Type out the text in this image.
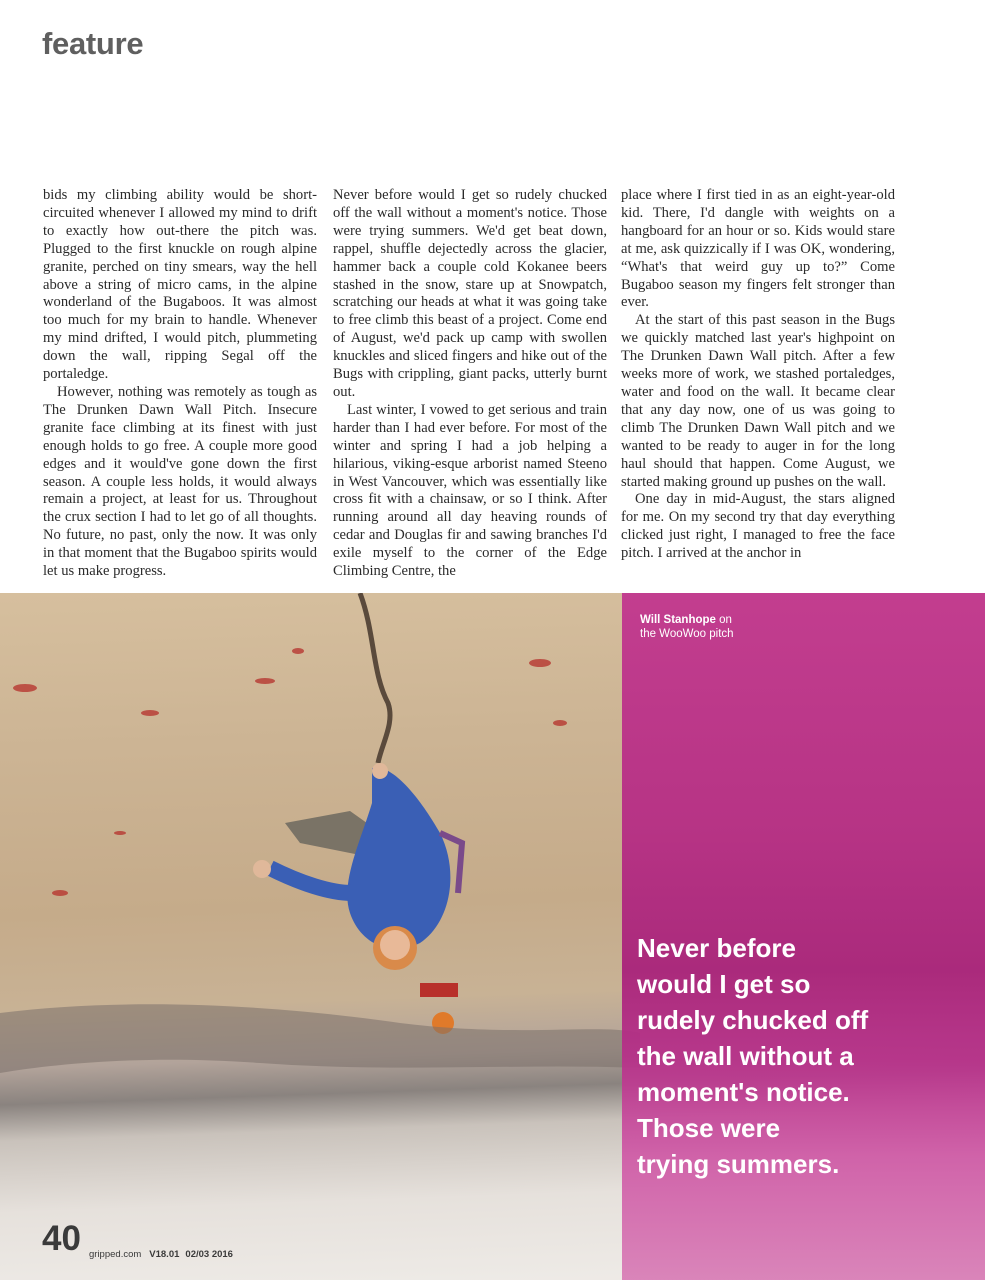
feature

bids my climbing ability would be short-circuited whenever I allowed my mind to drift to exactly how out-there the pitch was. Plugged to the first knuckle on rough alpine granite, perched on tiny smears, way the hell above a string of micro cams, in the alpine wonderland of the Bugaboos. It was almost too much for my brain to handle. Whenever my mind drifted, I would pitch, plummeting down the wall, ripping Segal off the portaledge.

However, nothing was remotely as tough as The Drunken Dawn Wall Pitch. Insecure granite face climbing at its finest with just enough holds to go free. A couple more good edges and it would've gone down the first season. A couple less holds, it would always remain a project, at least for us. Throughout the crux section I had to let go of all thoughts. No future, no past, only the now. It was only in that moment that the Bugaboo spirits would let us make progress.

Never before would I get so rudely chucked off the wall without a moment's notice. Those were trying summers. We'd get beat down, rappel, shuffle dejectedly across the glacier, hammer back a couple cold Kokanee beers stashed in the snow, stare up at Snowpatch, scratching our heads at what it was going take to free climb this beast of a project. Come end of August, we'd pack up camp with swollen knuckles and sliced fingers and hike out of the Bugs with crippling, giant packs, utterly burnt out.

Last winter, I vowed to get serious and train harder than I had ever before. For most of the winter and spring I had a job helping a hilarious, viking-esque arborist named Steeno in West Vancouver, which was essentially like cross fit with a chainsaw, or so I think. After running around all day heaving rounds of cedar and Douglas fir and sawing branches I'd exile myself to the corner of the Edge Climbing Centre, the

place where I first tied in as an eight-year-old kid. There, I'd dangle with weights on a hangboard for an hour or so. Kids would stare at me, ask quizzically if I was OK, wondering, “What's that weird guy up to?” Come Bugaboo season my fingers felt stronger than ever.

At the start of this past season in the Bugs we quickly matched last year's highpoint on The Drunken Dawn Wall pitch. After a few weeks more of work, we stashed portaledges, water and food on the wall. It became clear that any day now, one of us was going to climb The Drunken Dawn Wall pitch and we wanted to be ready to auger in for the long haul should that happen. Come August, we started making ground up pushes on the wall.

One day in mid-August, the stars aligned for me. On my second try that day everything clicked just right, I managed to free the face pitch. I arrived at the anchor in

Will Stanhope on
the WooWoo pitch
Never before
would I get so
rudely chucked off
the wall without a
moment's notice.
Those were
trying summers.
40 gripped.com V18.01 02/03 2016
